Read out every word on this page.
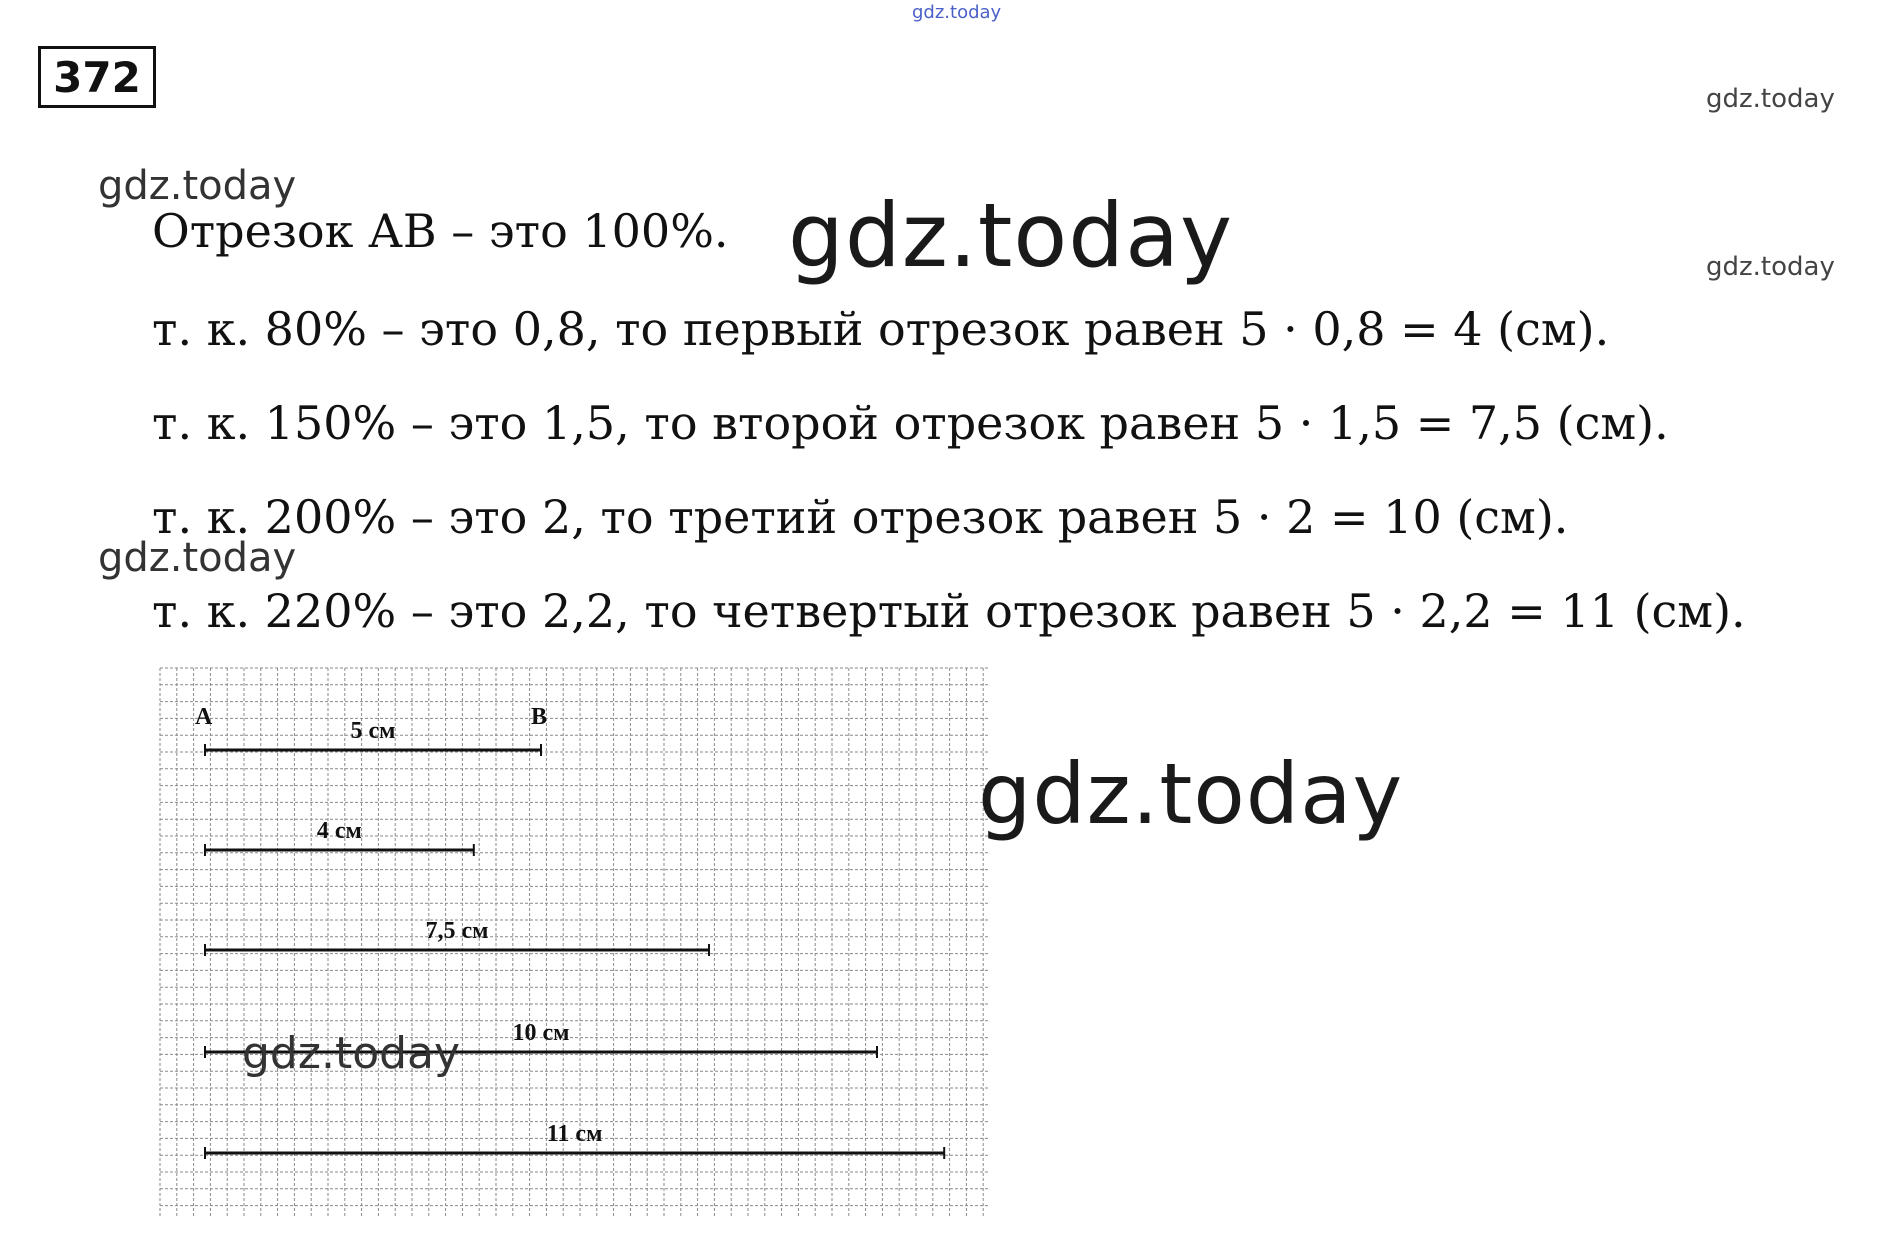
gdz.today
372	gdz.today
gdz.today
Отрезок АВ – это 100%. gdz.today	gdz.today
т. к. 80% – это 0,8, то первый отрезок равен 5 · 0,8 = 4 (см).
т. к. 150% – это 1,5, то второй отрезок равен 5 · 1,5 = 7,5 (см).
т. к. 200% – это 2, то третий отрезок равен 5 · 2 = 10 (см).
gdz.today
т. к. 220% – это 2,2, то четвертый отрезок равен 5 · 2,2 = 11 (см).
5 см
4 см
7,5 см
10 см
11 см
A	B
gdz.today
gdz.today
